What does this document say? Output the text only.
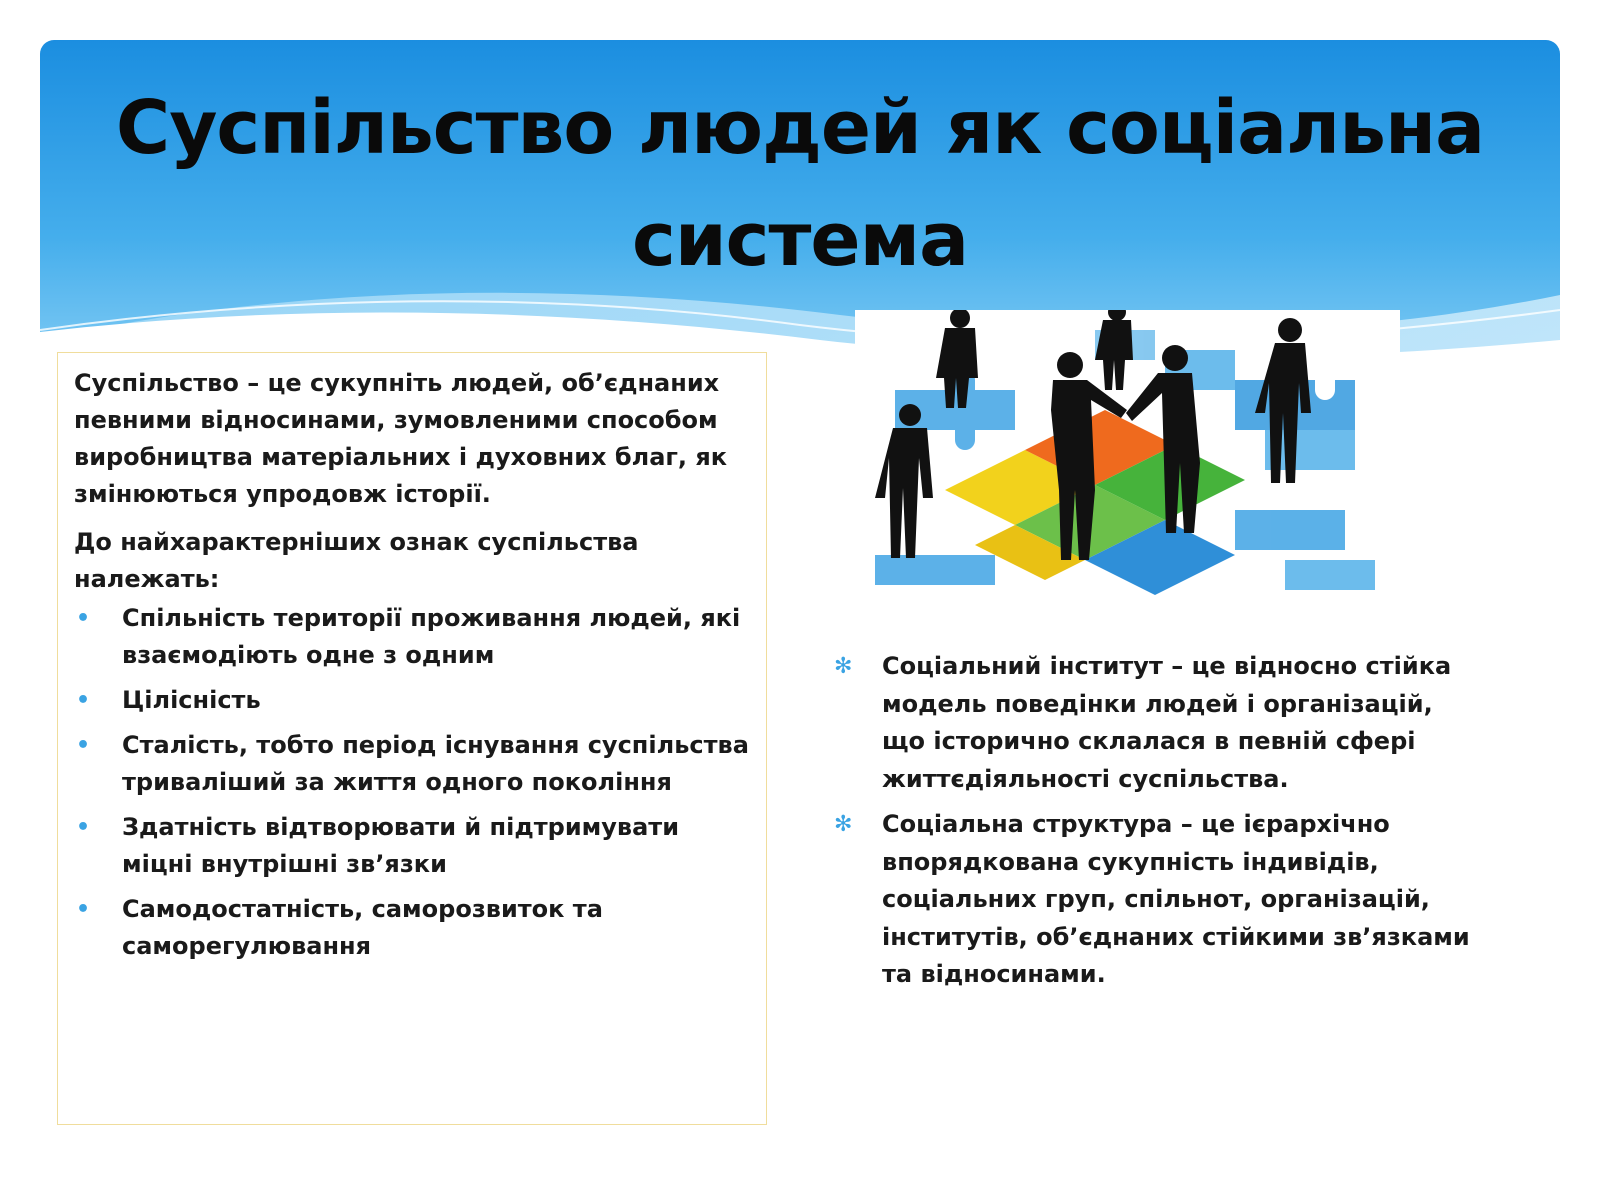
Суспільство людей як соціальна система

Суспільство – це сукупніть людей, об’єднаних певними відносинами, зумовленими способом виробництва матеріальних і духовних благ, як змінюються упродовж історії.

До найхарактерніших ознак суспільства належать:

• Спільність території проживання людей, які взаємодіють одне з одним
• Цілісність
• Сталість, тобто період існування суспільства триваліший за життя одного покоління
• Здатність відтворювати й підтримувати міцні внутрішні зв’язки
• Самодостатність, саморозвиток та саморегулювання
✻ Соціальний інститут – це відносно стійка модель поведінки людей і організацій, що історично склалася в певній сфері життєдіяльності суспільства.
✻ Соціальна структура – це ієрархічно впорядкована сукупність індивідів, соціальних груп, спільнот, організацій, інститутів, об’єднаних стійкими зв’язками та відносинами.
